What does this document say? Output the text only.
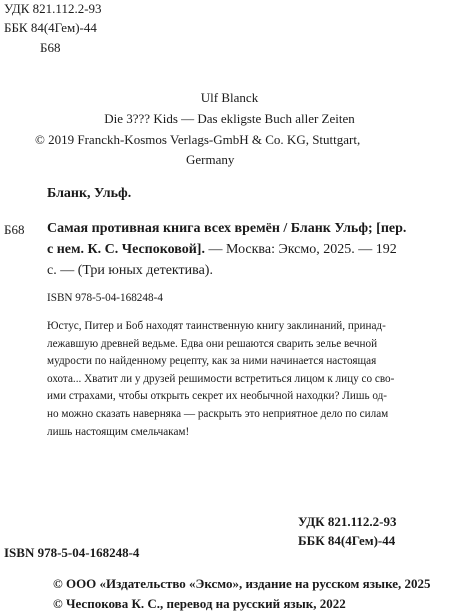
УДК 821.112.2-93
ББК 84(4Гем)-44
Б68
Ulf Blanck
Die 3??? Kids — Das ekligste Buch aller Zeiten
© 2019 Franckh-Kosmos Verlags-GmbH & Co. KG, Stuttgart,
Germany
Бланк, Ульф.
Б68 Самая противная книга всех времён / Бланк Ульф; [пер.
с нем. К. С. Чеспоковой]. — Москва: Эксмо, 2025. — 192
с. — (Три юных детектива).
ISBN 978-5-04-168248-4
Юстус, Питер и Боб находят таинственную книгу заклинаний, принад-
лежавшую древней ведьме. Едва они решаются сварить зелье вечной
мудрости по найденному рецепту, как за ними начинается настоящая
охота... Хватит ли у друзей решимости встретиться лицом к лицу со сво-
ими страхами, чтобы открыть секрет их необычной находки? Лишь од-
но можно сказать наверняка — раскрыть это неприятное дело по силам
лишь настоящим смельчакам!
УДК 821.112.2-93
ББК 84(4Гем)-44
ISBN 978-5-04-168248-4
© ООО «Издательство «Эксмо», издание на русском языке, 2025
© Чеспокова К. С., перевод на русский язык, 2022
